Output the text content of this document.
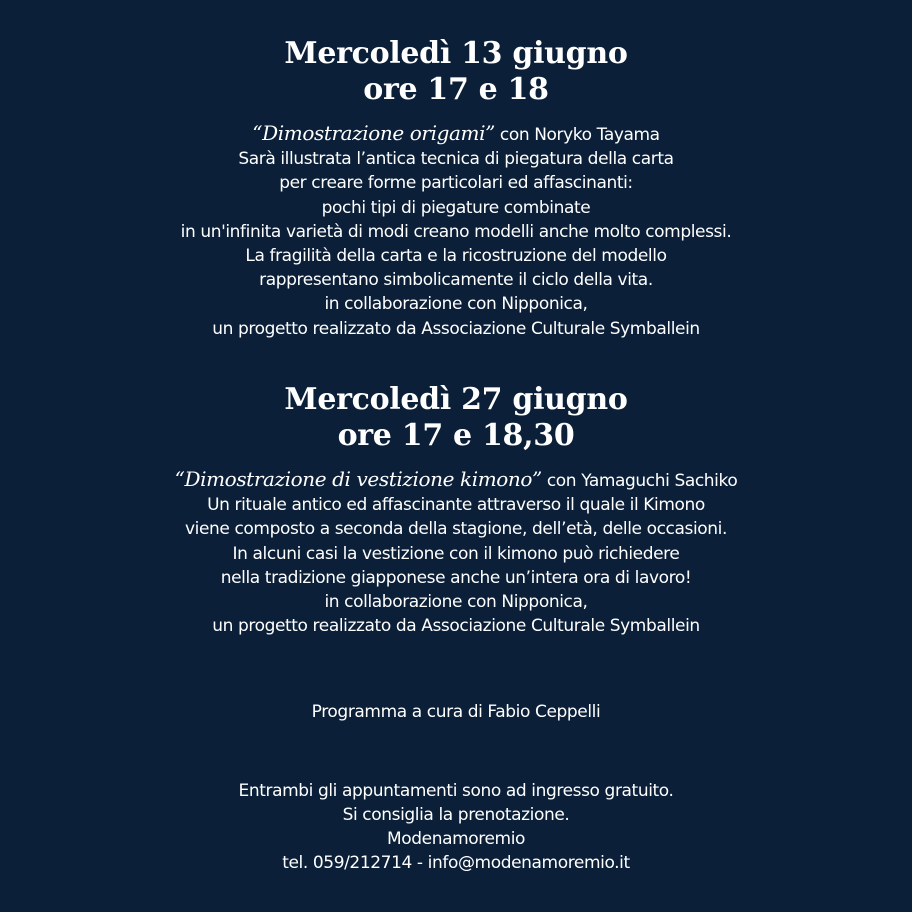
Mercoledì 13 giugno
ore 17 e 18
“Dimostrazione origami” con Noryko Tayama
Sarà illustrata l’antica tecnica di piegatura della carta
per creare forme particolari ed affascinanti:
pochi tipi di piegature combinate
in un'infinita varietà di modi creano modelli anche molto complessi.
La fragilità della carta e la ricostruzione del modello
rappresentano simbolicamente il ciclo della vita.
in collaborazione con Nipponica,
un progetto realizzato da Associazione Culturale Symballein
Mercoledì 27 giugno
ore 17 e 18,30
“Dimostrazione di vestizione kimono” con Yamaguchi Sachiko
Un rituale antico ed affascinante attraverso il quale il Kimono
viene composto a seconda della stagione, dell’età, delle occasioni.
In alcuni casi la vestizione con il kimono può richiedere
nella tradizione giapponese anche un’intera ora di lavoro!
in collaborazione con Nipponica,
un progetto realizzato da Associazione Culturale Symballein
Programma a cura di Fabio Ceppelli
Entrambi gli appuntamenti sono ad ingresso gratuito.
Si consiglia la prenotazione.
Modenamoremio
tel. 059/212714 - info@modenamoremio.it
